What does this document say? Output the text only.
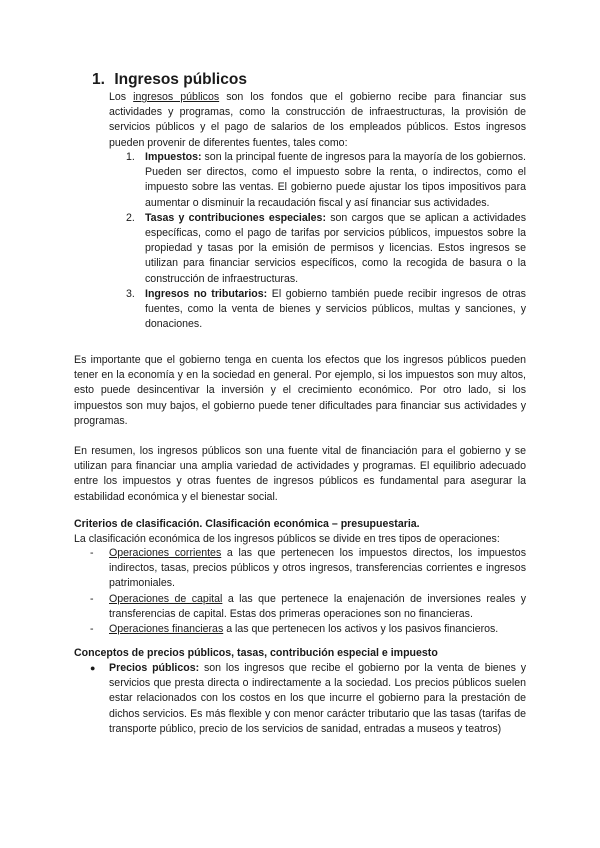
1. Ingresos públicos

Los ingresos públicos son los fondos que el gobierno recibe para financiar sus actividades y programas, como la construcción de infraestructuras, la provisión de servicios públicos y el pago de salarios de los empleados públicos. Estos ingresos pueden provenir de diferentes fuentes, tales como:

1. Impuestos: son la principal fuente de ingresos para la mayoría de los gobiernos. Pueden ser directos, como el impuesto sobre la renta, o indirectos, como el impuesto sobre las ventas. El gobierno puede ajustar los tipos impositivos para aumentar o disminuir la recaudación fiscal y así financiar sus actividades.
2. Tasas y contribuciones especiales: son cargos que se aplican a actividades específicas, como el pago de tarifas por servicios públicos, impuestos sobre la propiedad y tasas por la emisión de permisos y licencias. Estos ingresos se utilizan para financiar servicios específicos, como la recogida de basura o la construcción de infraestructuras.
3. Ingresos no tributarios: El gobierno también puede recibir ingresos de otras fuentes, como la venta de bienes y servicios públicos, multas y sanciones, y donaciones.

Es importante que el gobierno tenga en cuenta los efectos que los ingresos públicos pueden tener en la economía y en la sociedad en general. Por ejemplo, si los impuestos son muy altos, esto puede desincentivar la inversión y el crecimiento económico. Por otro lado, si los impuestos son muy bajos, el gobierno puede tener dificultades para financiar sus actividades y programas.

En resumen, los ingresos públicos son una fuente vital de financiación para el gobierno y se utilizan para financiar una amplia variedad de actividades y programas. El equilibrio adecuado entre los impuestos y otras fuentes de ingresos públicos es fundamental para asegurar la estabilidad económica y el bienestar social.

Criterios de clasificación. Clasificación económica – presupuestaria.

La clasificación económica de los ingresos públicos se divide en tres tipos de operaciones:

- Operaciones corrientes a las que pertenecen los impuestos directos, los impuestos indirectos, tasas, precios públicos y otros ingresos, transferencias corrientes e ingresos patrimoniales.
- Operaciones de capital a las que pertenece la enajenación de inversiones reales y transferencias de capital. Estas dos primeras operaciones son no financieras.
- Operaciones financieras a las que pertenecen los activos y los pasivos financieros.

Conceptos de precios públicos, tasas, contribución especial e impuesto

● Precios públicos: son los ingresos que recibe el gobierno por la venta de bienes y servicios que presta directa o indirectamente a la sociedad. Los precios públicos suelen estar relacionados con los costos en los que incurre el gobierno para la prestación de dichos servicios. Es más flexible y con menor carácter tributario que las tasas (tarifas de transporte público, precio de los servicios de sanidad, entradas a museos y teatros)
